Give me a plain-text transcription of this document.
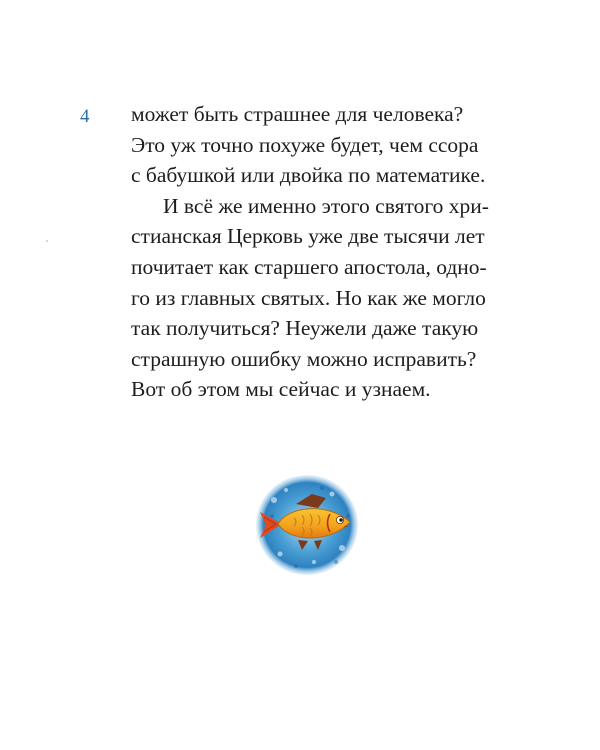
4 может быть страшнее для человека?
Это уж точно похуже будет, чем ссора
с бабушкой или двойка по математике.
И всё же именно этого святого хри-
стианская Церковь уже две тысячи лет
почитает как старшего апостола, одно-
го из главных святых. Но как же могло
так получиться? Неужели даже такую
страшную ошибку можно исправить?
Вот об этом мы сейчас и узнаем.
